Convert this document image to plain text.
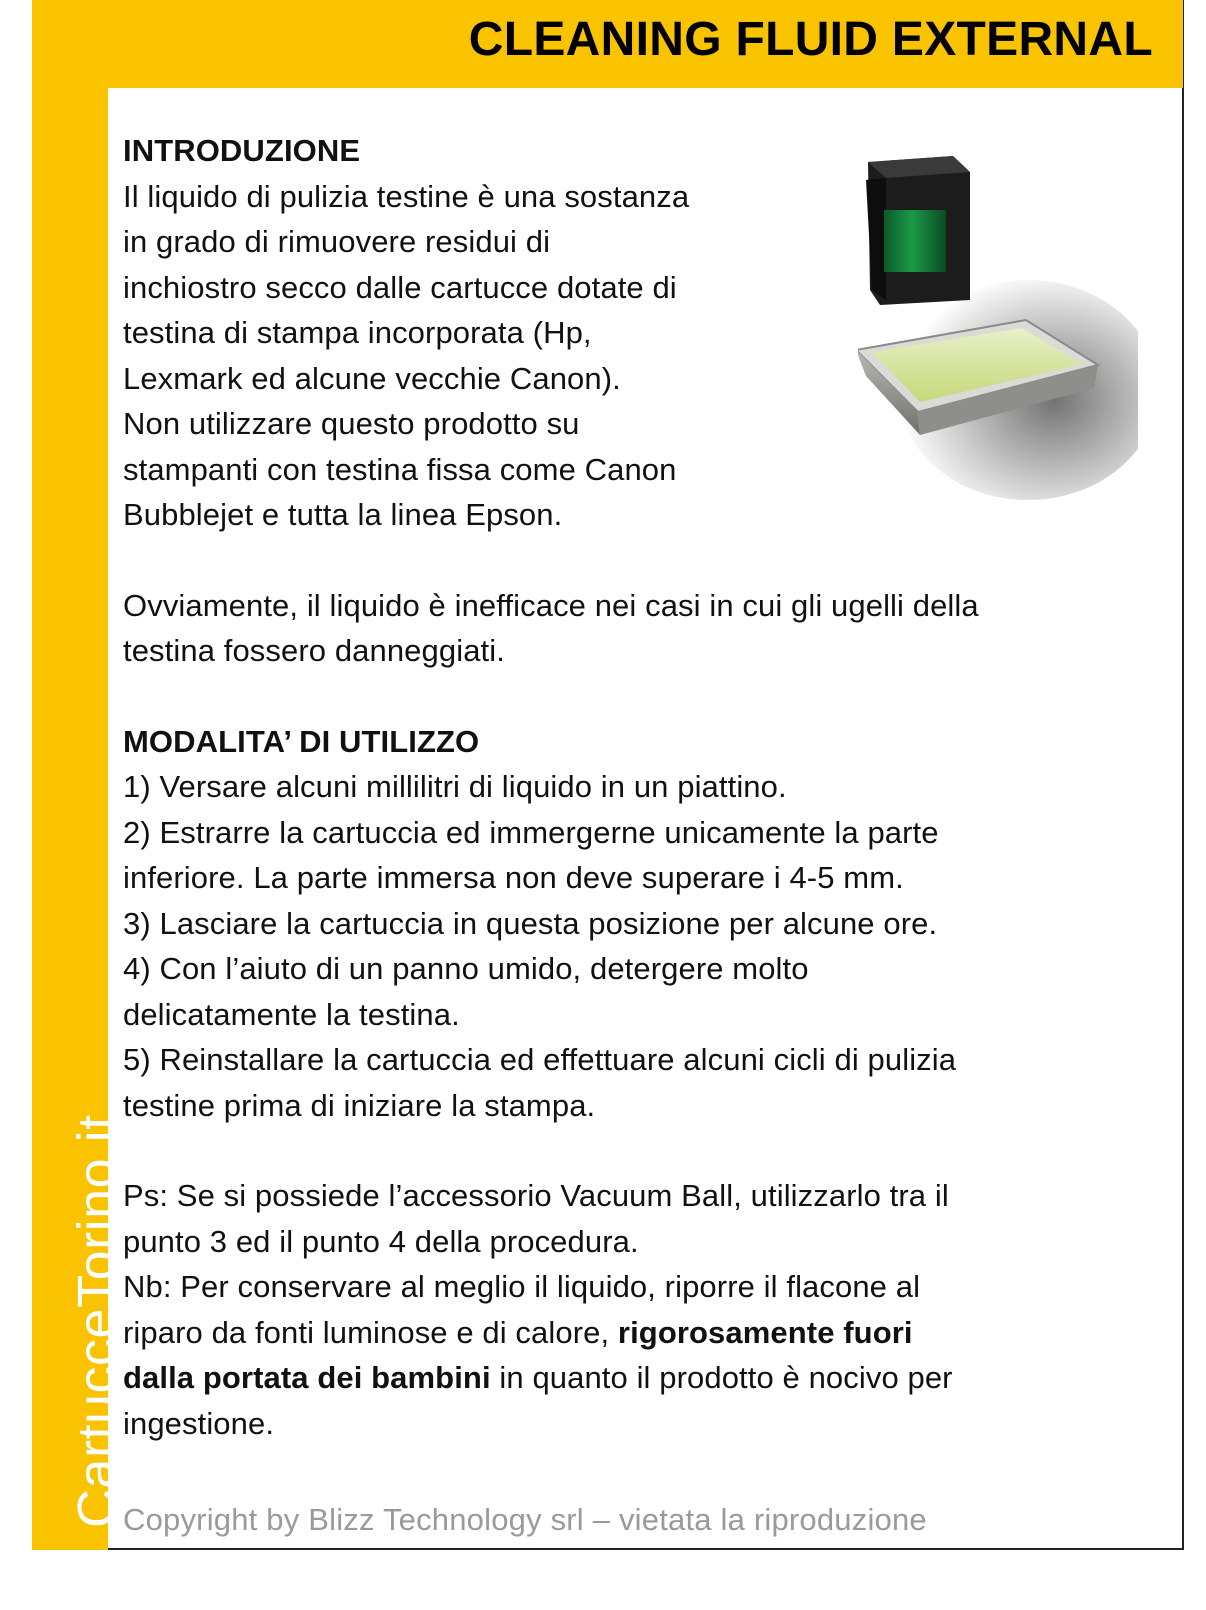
CLEANING FLUID EXTERNAL
CartucceTorino.it

INTRODUZIONE

Il liquido di pulizia testine è una sostanza

in grado di rimuovere residui di

inchiostro secco dalle cartucce dotate di

testina di stampa incorporata (Hp,

Lexmark ed alcune vecchie Canon).

Non utilizzare questo prodotto su

stampanti con testina fissa come Canon

Bubblejet e tutta la linea Epson.

Ovviamente, il liquido è inefficace nei casi in cui gli ugelli della

testina fossero danneggiati.

MODALITA’ DI UTILIZZO

1) Versare alcuni millilitri di liquido in un piattino.

2) Estrarre la cartuccia ed immergerne unicamente la parte

inferiore. La parte immersa non deve superare i 4-5 mm.

3) Lasciare la cartuccia in questa posizione per alcune ore.

4) Con l’aiuto di un panno umido, detergere molto

delicatamente la testina.

5) Reinstallare la cartuccia ed effettuare alcuni cicli di pulizia

testine prima di iniziare la stampa.

Ps: Se si possiede l’accessorio Vacuum Ball, utilizzarlo tra il

punto 3 ed il punto 4 della procedura.

Nb: Per conservare al meglio il liquido, riporre il flacone al

riparo da fonti luminose e di calore, rigorosamente fuori

dalla portata dei bambini in quanto il prodotto è nocivo per

ingestione.

Copyright by Blizz Technology srl – vietata la riproduzione
